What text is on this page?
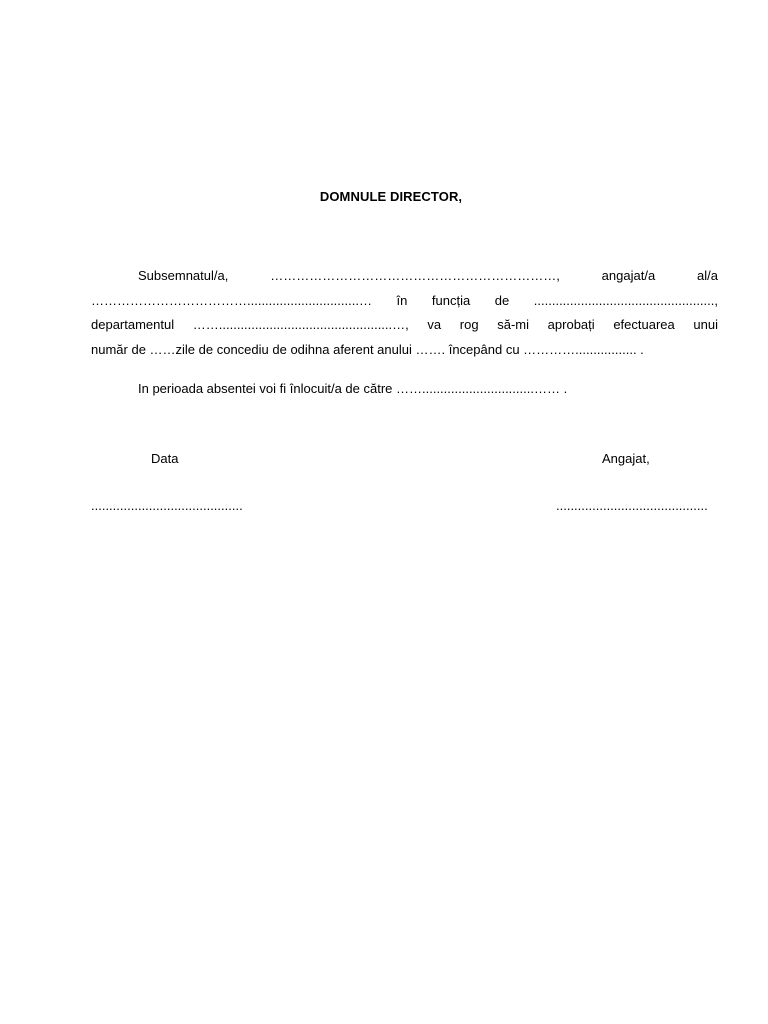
DOMNULE DIRECTOR,
Subsemnatul/a, …………………………………………………………, angajat/a al/a
………………………………...............................… în funcția de ..................................................,
departamentul ……................................................…, va rog să-mi aprobați efectuarea unui
număr de ……zile de concediu de odihna aferent anului ……. începând cu …………................. .
In perioada absentei voi fi înlocuit/a de către ……...............................…… .
Data	Angajat,
..........................................	..........................................
